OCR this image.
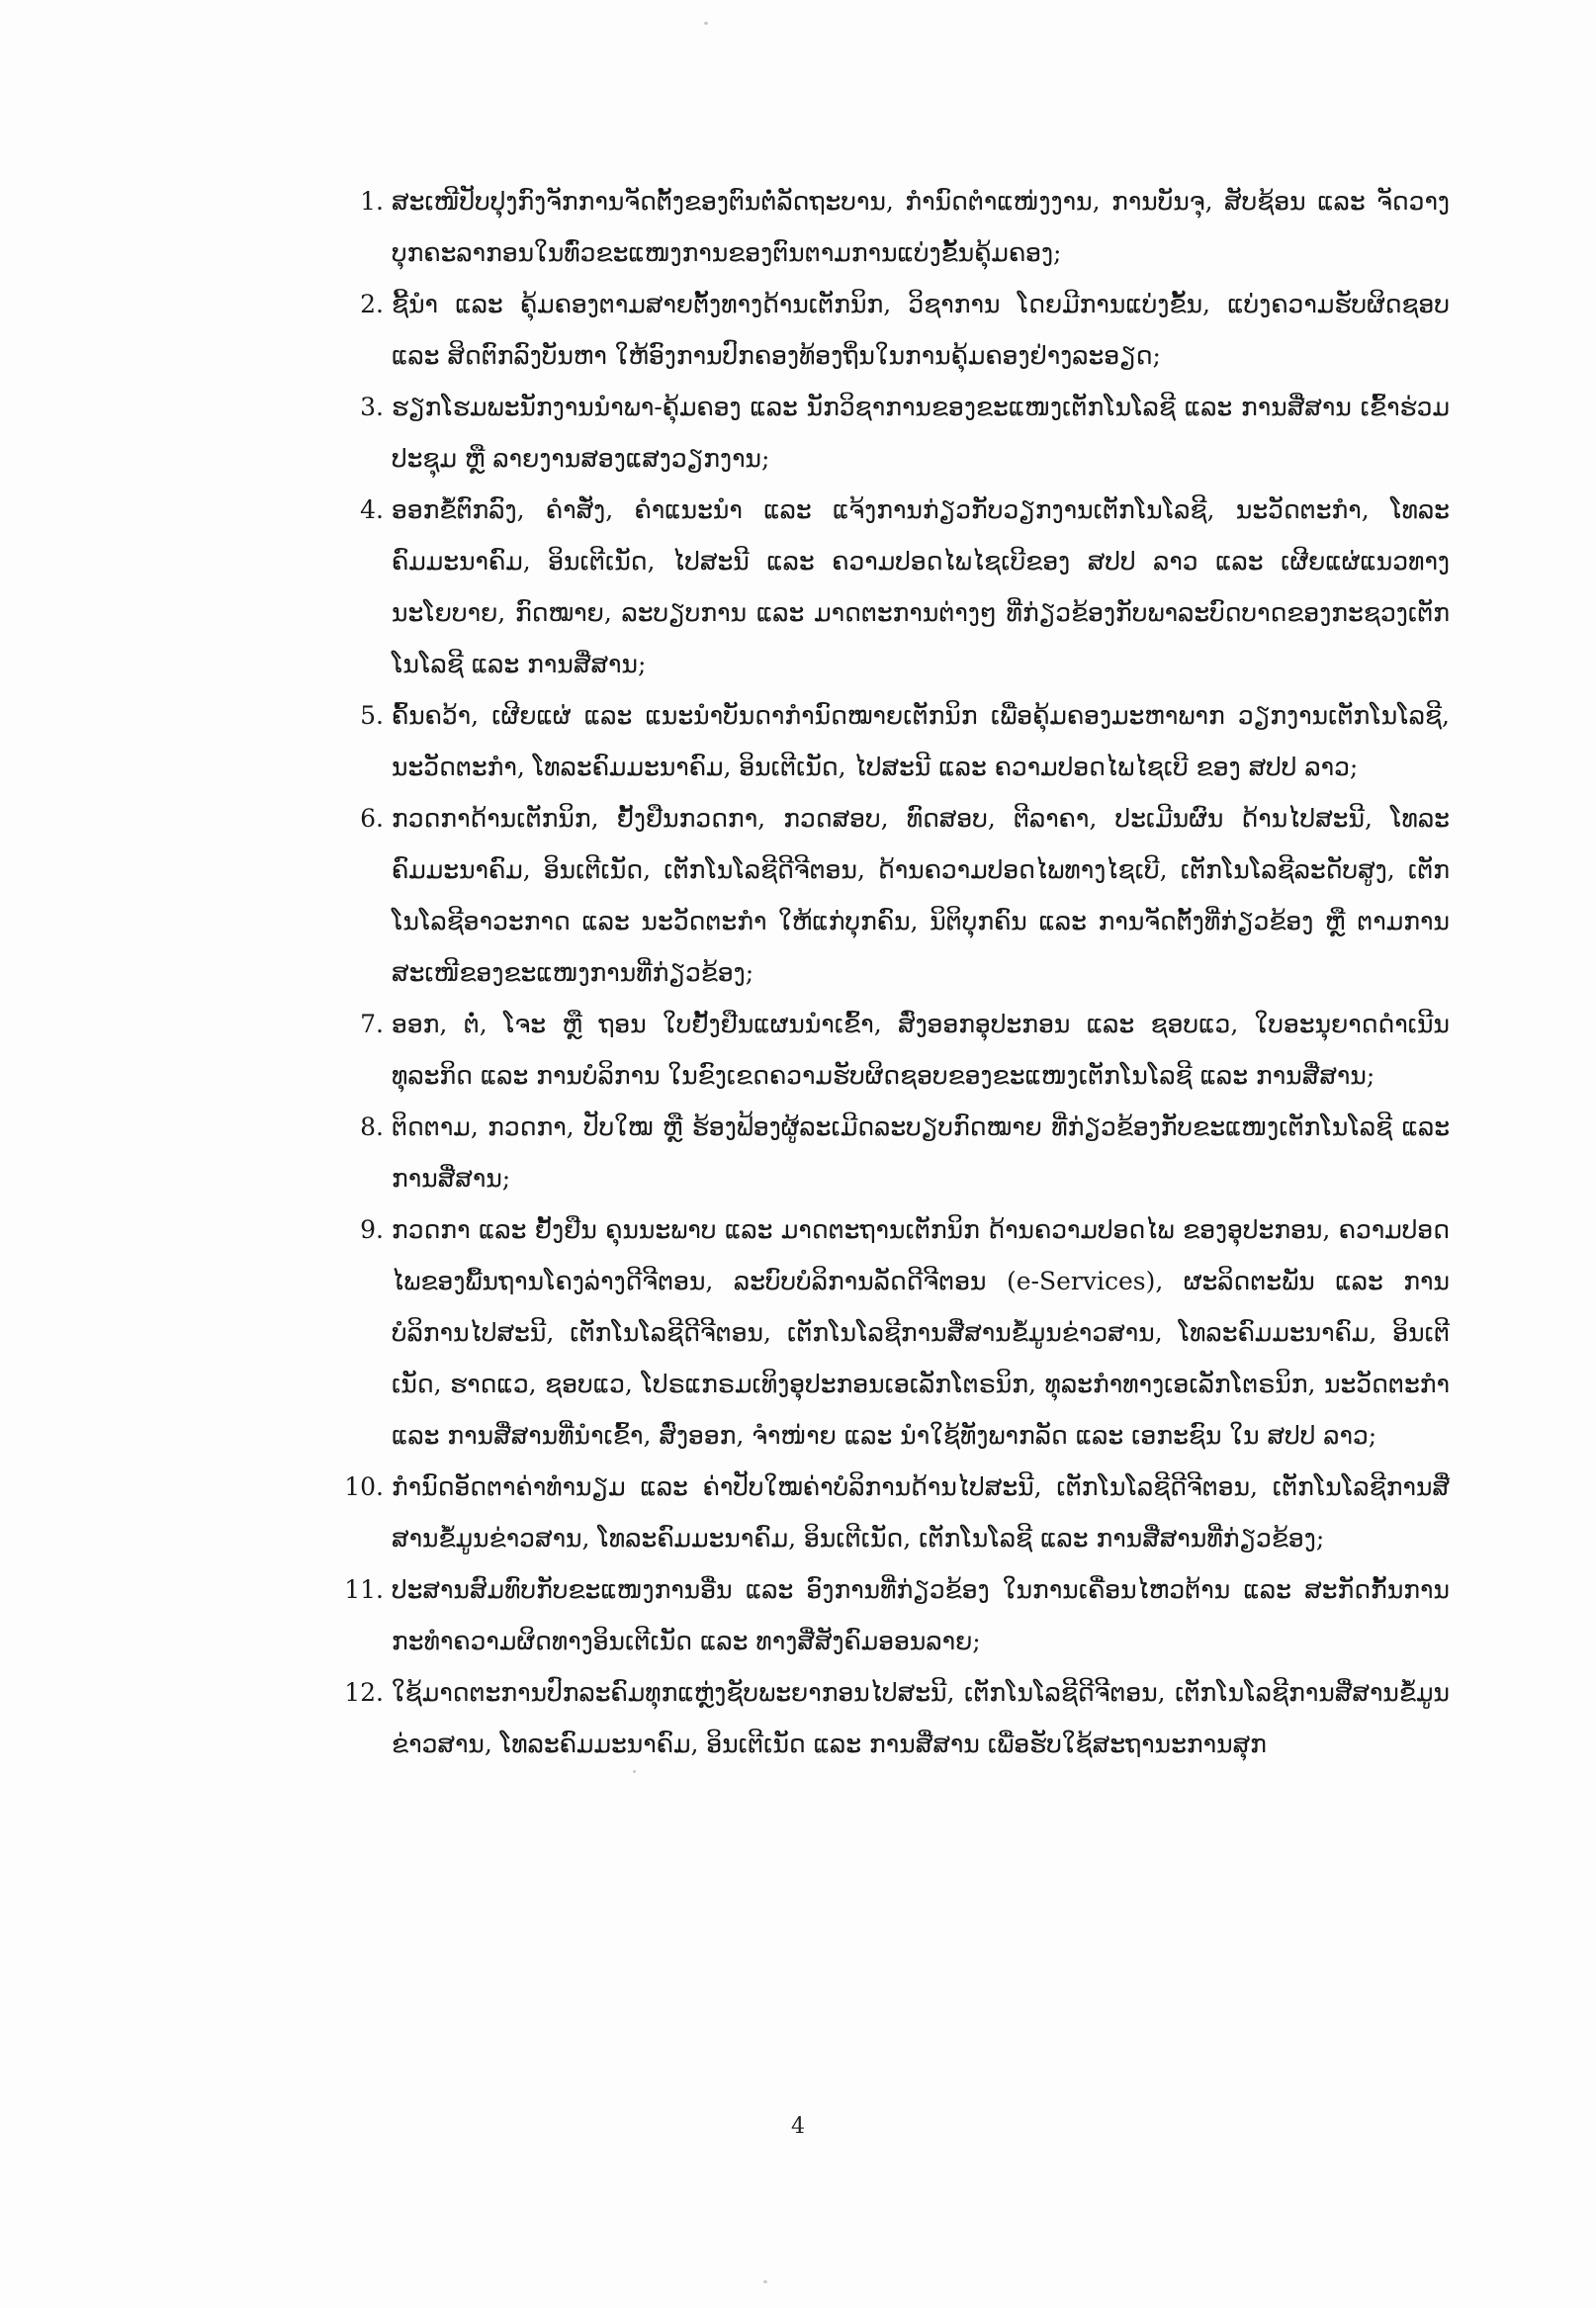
1. ສະເໜີປັບປຸງກົງຈັກການຈັດຕັ້ງຂອງຕົນຕໍ່ລັດຖະບານ, ກຳນົດຕຳແໜ່ງງານ, ການບັນຈຸ, ສັບຊ້ອນ ແລະ ຈັດວາງບຸກຄະລາກອນໃນທົ່ວຂະແໜງການຂອງຕົນຕາມການແບ່ງຂັ້ນຄຸ້ມຄອງ;
2. ຊີ້ນຳ ແລະ ຄຸ້ມຄອງຕາມສາຍຕັ້ງທາງດ້ານເຕັກນິກ, ວິຊາການ ໂດຍມີການແບ່ງຂັ້ນ, ແບ່ງຄວາມຮັບຜິດຊອບ ແລະ ສິດຕົກລົງບັນຫາ ໃຫ້ອົງການປົກຄອງທ້ອງຖິ່ນໃນການຄຸ້ມຄອງຢ່າງລະອຽດ;
3. ຮຽກໂຮມພະນັກງານນຳພາ-ຄຸ້ມຄອງ ແລະ ນັກວິຊາການຂອງຂະແໜງເຕັກໂນໂລຊີ ແລະ ການສື່ສານ ເຂົ້າຮ່ວມປະຊຸມ ຫຼື ລາຍງານສອງແສງວຽກງານ;
4. ອອກຂໍ້ຕົກລົງ, ຄຳສັ່ງ, ຄຳແນະນຳ ແລະ ແຈ້ງການກ່ຽວກັບວຽກງານເຕັກໂນໂລຊີ, ນະວັດຕະກຳ, ໂທລະຄົມມະນາຄົມ, ອິນເຕີເນັດ, ໄປສະນີ ແລະ ຄວາມປອດໄພໄຊເບີຂອງ ສປປ ລາວ ແລະ ເຜີຍແຜ່ແນວທາງນະໂຍບາຍ, ກົດໝາຍ, ລະບຽບການ ແລະ ມາດຕະການຕ່າງໆ ທີ່ກ່ຽວຂ້ອງກັບພາລະບົດບາດຂອງກະຊວງເຕັກໂນໂລຊີ ແລະ ການສື່ສານ;
5. ຄົ້ນຄວ້າ, ເຜີຍແຜ່ ແລະ ແນະນຳບັນດາກຳນົດໝາຍເຕັກນິກ ເພື່ອຄຸ້ມຄອງມະຫາພາກ ວຽກງານເຕັກໂນໂລຊີ, ນະວັດຕະກຳ, ໂທລະຄົມມະນາຄົມ, ອິນເຕີເນັດ, ໄປສະນີ ແລະ ຄວາມປອດໄພໄຊເບີ ຂອງ ສປປ ລາວ;
6. ກວດກາດ້ານເຕັກນິກ, ຢັ້ງຢືນກວດກາ, ກວດສອບ, ທົດສອບ, ຕີລາຄາ, ປະເມີນຜົນ ດ້ານໄປສະນີ, ໂທລະຄົມມະນາຄົມ, ອິນເຕີເນັດ, ເຕັກໂນໂລຊີດີຈີຕອນ, ດ້ານຄວາມປອດໄພທາງໄຊເບີ, ເຕັກໂນໂລຊີລະດັບສູງ, ເຕັກໂນໂລຊີອາວະກາດ ແລະ ນະວັດຕະກຳ ໃຫ້ແກ່ບຸກຄົນ, ນິຕິບຸກຄົນ ແລະ ການຈັດຕັ້ງທີ່ກ່ຽວຂ້ອງ ຫຼື ຕາມການສະເໜີຂອງຂະແໜງການທີ່ກ່ຽວຂ້ອງ;
7. ອອກ, ຕໍ່, ໂຈະ ຫຼື ຖອນ ໃບຢັ້ງຢືນແຜນນຳເຂົ້າ, ສົ່ງອອກອຸປະກອນ ແລະ ຊອບແວ, ໃບອະນຸຍາດດຳເນີນທຸລະກິດ ແລະ ການບໍລິການ ໃນຂົງເຂດຄວາມຮັບຜິດຊອບຂອງຂະແໜງເຕັກໂນໂລຊີ ແລະ ການສື່ສານ;
8. ຕິດຕາມ, ກວດກາ, ປັບໃໝ ຫຼື ຮ້ອງຟ້ອງຜູ້ລະເມີດລະບຽບກົດໝາຍ ທີ່ກ່ຽວຂ້ອງກັບຂະແໜງເຕັກໂນໂລຊີ ແລະ ການສື່ສານ;
9. ກວດກາ ແລະ ຢັ້ງຢືນ ຄຸນນະພາບ ແລະ ມາດຕະຖານເຕັກນິກ ດ້ານຄວາມປອດໄພ ຂອງອຸປະກອນ, ຄວາມປອດໄພຂອງພື້ນຖານໂຄງລ່າງດີຈີຕອນ, ລະບົບບໍລິການລັດດີຈີຕອນ (e-Services), ຜະລິດຕະພັນ ແລະ ການ ບໍລິການໄປສະນີ, ເຕັກໂນໂລຊີດີຈີຕອນ, ເຕັກໂນໂລຊີການສື່ສານຂໍ້ມູນຂ່າວສານ, ໂທລະຄົມມະນາຄົມ, ອິນເຕີເນັດ, ຮາດແວ, ຊອບແວ, ໂປຣແກຣມເທິງອຸປະກອນເອເລັກໂຕຣນິກ, ທຸລະກຳທາງເອເລັກໂຕຣນິກ, ນະວັດຕະກຳ ແລະ ການສື່ສານທີ່ນຳເຂົ້າ, ສົ່ງອອກ, ຈຳໜ່າຍ ແລະ ນຳໃຊ້ທັງພາກລັດ ແລະ ເອກະຊົນ ໃນ ສປປ ລາວ;
10. ກຳນົດອັດຕາຄ່າທຳນຽມ ແລະ ຄ່າປັບໃໝຄ່າບໍລິການດ້ານໄປສະນີ, ເຕັກໂນໂລຊີດີຈີຕອນ, ເຕັກໂນໂລຊີການສື່ສານຂໍ້ມູນຂ່າວສານ, ໂທລະຄົມມະນາຄົມ, ອິນເຕີເນັດ, ເຕັກໂນໂລຊີ ແລະ ການສື່ສານທີ່ກ່ຽວຂ້ອງ;
11. ປະສານສົມທົບກັບຂະແໜງການອື່ນ ແລະ ອົງການທີ່ກ່ຽວຂ້ອງ ໃນການເຄື່ອນໄຫວຕ້ານ ແລະ ສະກັດກັ້ນການກະທຳຄວາມຜິດທາງອິນເຕີເນັດ ແລະ ທາງສື່ສັງຄົມອອນລາຍ;
12. ໃຊ້ມາດຕະການປົກລະຄົມທຸກແຫຼ່ງຊັບພະຍາກອນໄປສະນີ, ເຕັກໂນໂລຊີດີຈີຕອນ, ເຕັກໂນໂລຊີການສື່ສານຂໍ້ມູນຂ່າວສານ, ໂທລະຄົມມະນາຄົມ, ອິນເຕີເນັດ ແລະ ການສື່ສານ ເພື່ອຮັບໃຊ້ສະຖານະການສຸກ
4
